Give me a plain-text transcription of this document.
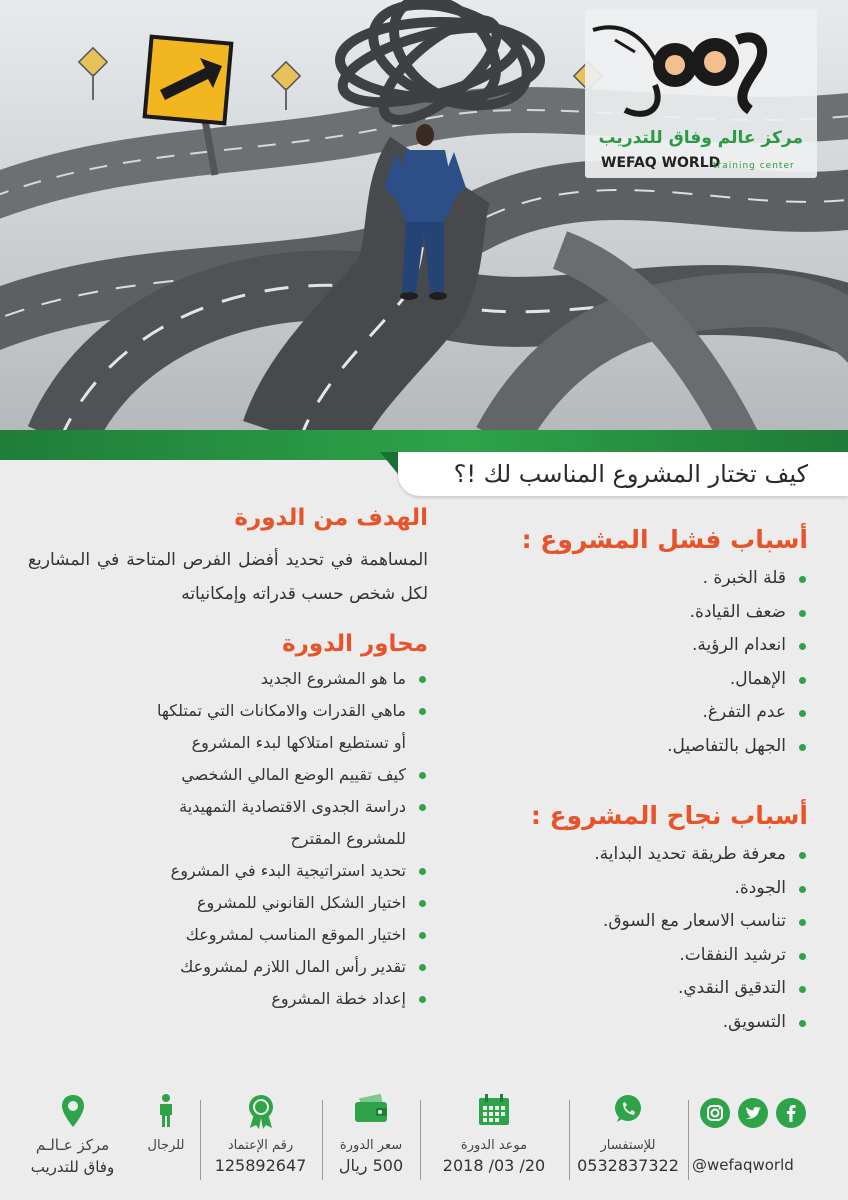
مركز عالم وفاق للتدريب
WEFAQ WORLD
training center
كيف تختار المشروع المناسب لك !؟
الهدف من الدورة
المساهمة في تحديد أفضل الفرص المتاحة في المشاريع لكل شخص حسب قدراته وإمكانياته
محاور الدورة
ما هو المشروع الجديد
ماهي القدرات والامكانات التي تمتلكها
أو تستطيع امتلاكها لبدء المشروع
كيف تقييم الوضع المالي الشخصي
دراسة الجدوى الاقتصادية التمهيدية
للمشروع المقترح
تحديد استراتيجية البدء في المشروع
اختيار الشكل القانوني للمشروع
اختيار الموقع المناسب لمشروعك
تقدير رأس المال اللازم لمشروعك
إعداد خطة المشروع
أسباب فشل المشروع :
قلة الخبرة .
ضعف القيادة.
انعدام الرؤية.
الإهمال.
عدم التفرغ.
الجهل بالتفاصيل.
أسباب نجاح المشروع :
معرفة طريقة تحديد البداية.
الجودة.
تناسب الاسعار مع السوق.
ترشيد النفقات.
التدقيق النقدي.
التسويق.
مركز عـالـم
وفاق للتدريب
للرجال	رقم الإعتماد
125892647
سعر الدورة
500 ريال
موعد الدورة
2018 /03 /20
للإستفسار
0532837322 @wefaqworld
